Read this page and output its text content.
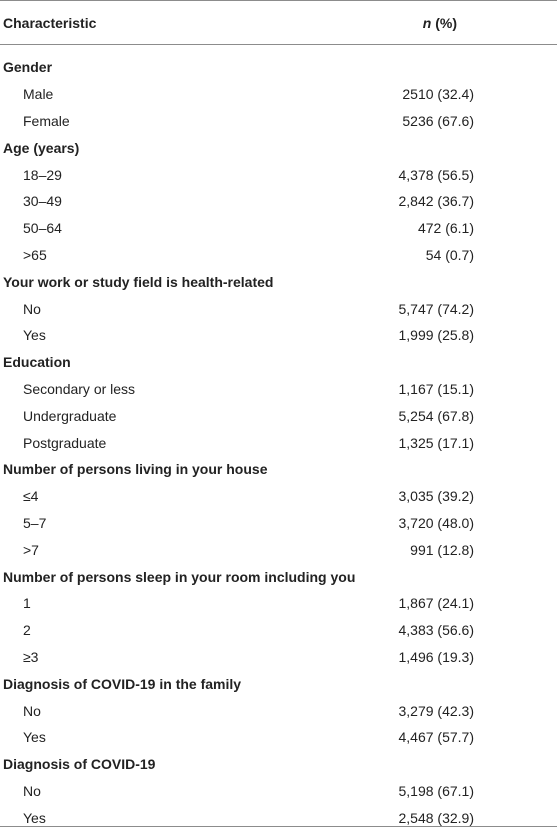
Characteristic	n (%)
Gender
Male	2510 (32.4)
Female	5236 (67.6)
Age (years)
18–29	4,378 (56.5)
30–49	2,842 (36.7)
50–64	472 (6.1)
>65	54 (0.7)
Your work or study field is health-related
No	5,747 (74.2)
Yes	1,999 (25.8)
Education
Secondary or less	1,167 (15.1)
Undergraduate	5,254 (67.8)
Postgraduate	1,325 (17.1)
Number of persons living in your house
≤4	3,035 (39.2)
5–7	3,720 (48.0)
>7	991 (12.8)
Number of persons sleep in your room including you
1	1,867 (24.1)
2	4,383 (56.6)
≥3	1,496 (19.3)
Diagnosis of COVID-19 in the family
No	3,279 (42.3)
Yes	4,467 (57.7)
Diagnosis of COVID-19
No	5,198 (67.1)
Yes	2,548 (32.9)
